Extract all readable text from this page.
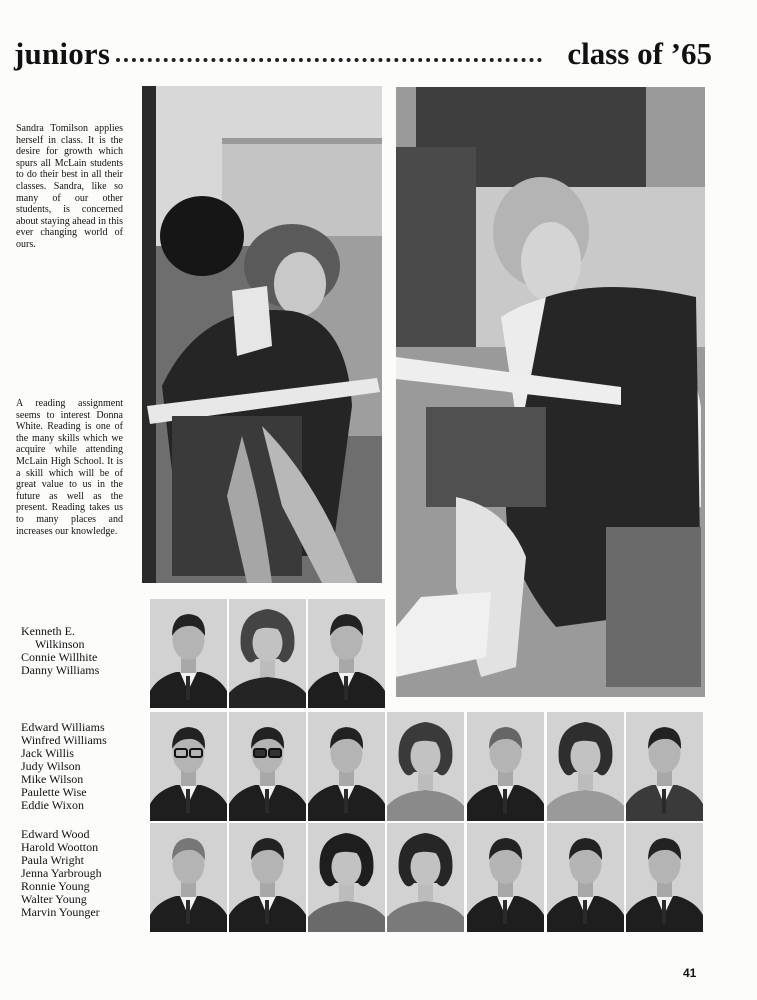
juniors	class of ’65
Sandra Tomilson applies herself in class. It is the desire for growth which spurs all McLain students to do their best in all their classes. Sandra, like so many of our other students, is concerned about staying ahead in this ever changing world of ours.
A reading assignment seems to interest Donna White. Reading is one of the many skills which we acquire while attending McLain High School. It is a skill which will be of great value to us in the future as well as the present. Reading takes us to many places and increases our knowledge.
Kenneth E.
Wilkinson
Connie Willhite
Danny Williams
Edward Williams
Winfred Williams
Jack Willis
Judy Wilson
Mike Wilson
Paulette Wise
Eddie Wixon
Edward Wood
Harold Wootton
Paula Wright
Jenna Yarbrough
Ronnie Young
Walter Young
Marvin Younger
41
